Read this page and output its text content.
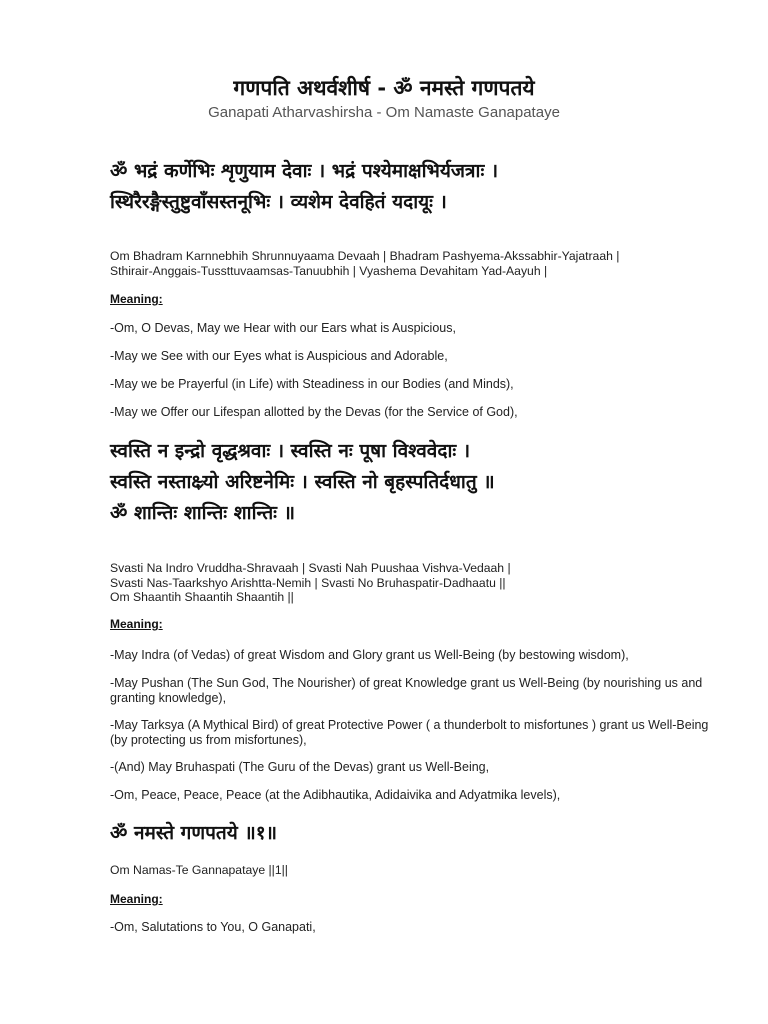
गणपति अथर्वशीर्ष - ॐ नमस्ते गणपतये
Ganapati Atharvashirsha - Om Namaste Ganapataye
ॐ भद्रं कर्णेभिः शृणुयाम देवाः । भद्रं पश्येमाक्षभिर्यजत्राः ।
स्थिरैरङ्गैस्तुष्टुवाँसस्तनूभिः । व्यशेम देवहितं यदायूः ।
Om Bhadram Karnnebhih Shrunnuyaama Devaah | Bhadram Pashyema-Akssabhir-Yajatraah |
Sthirair-Anggais-Tussttuvaamsas-Tanuubhih | Vyashema Devahitam Yad-Aayuh |
Meaning:
-Om, O Devas, May we Hear with our Ears what is Auspicious,
-May we See with our Eyes what is Auspicious and Adorable,
-May we be Prayerful (in Life) with Steadiness in our Bodies (and Minds),
-May we Offer our Lifespan allotted by the Devas (for the Service of God),
स्वस्ति न इन्द्रो वृद्धश्रवाः । स्वस्ति नः पूषा विश्ववेदाः ।
स्वस्ति नस्ताक्ष्र्यो अरिष्टनेमिः । स्वस्ति नो बृहस्पतिर्दधातु ॥
ॐ शान्तिः शान्तिः शान्तिः ॥
Svasti Na Indro Vruddha-Shravaah | Svasti Nah Puushaa Vishva-Vedaah |
Svasti Nas-Taarkshyo Arishtta-Nemih | Svasti No Bruhaspatir-Dadhaatu ||
Om Shaantih Shaantih Shaantih ||
Meaning:
-May Indra (of Vedas) of great Wisdom and Glory grant us Well-Being (by bestowing wisdom),
-May Pushan (The Sun God, The Nourisher) of great Knowledge grant us Well-Being (by nourishing us and granting knowledge),
-May Tarksya (A Mythical Bird) of great Protective Power ( a thunderbolt to misfortunes ) grant us Well-Being (by protecting us from misfortunes),
-(And) May Bruhaspati (The Guru of the Devas) grant us Well-Being,
-Om, Peace, Peace, Peace (at the Adibhautika, Adidaivika and Adyatmika levels),
ॐ नमस्ते गणपतये ॥१॥
Om Namas-Te Gannapataye ||1||
Meaning:
-Om, Salutations to You, O Ganapati,
